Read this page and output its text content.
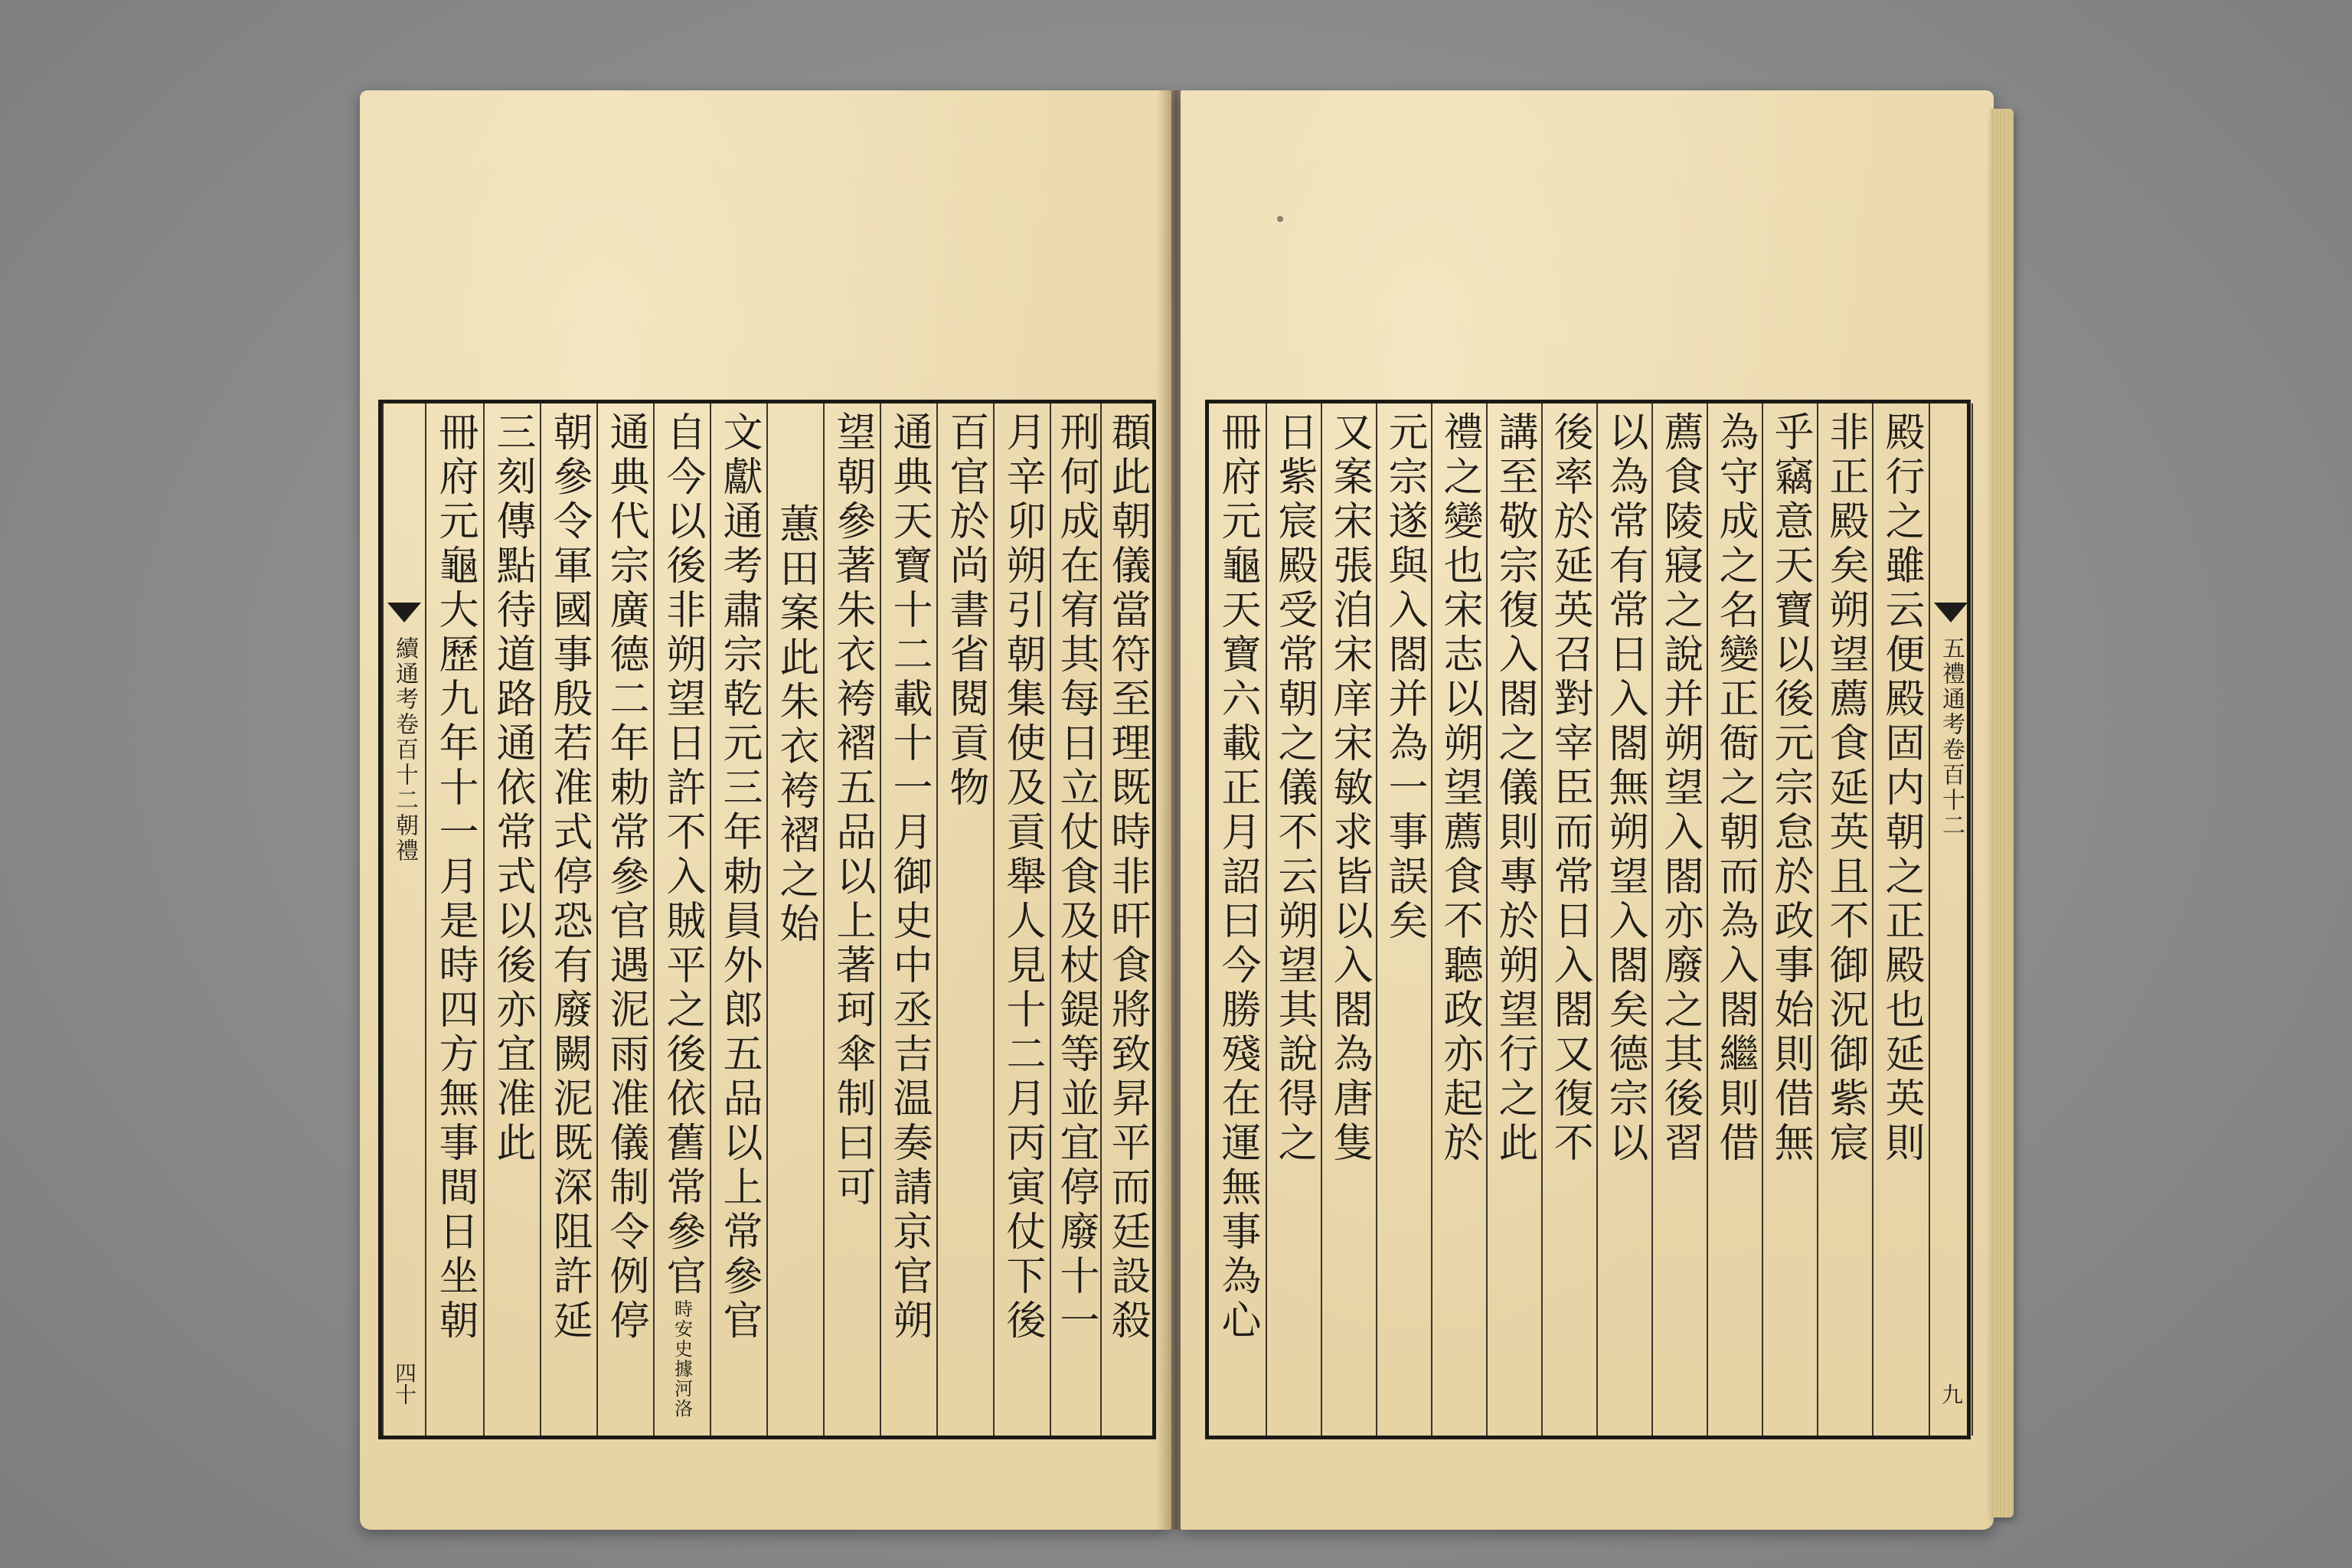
續通考卷百十二朝禮
四十
冊府元龜大歷九年十一月是時四方無事間日坐朝 三刻傳點待道路通依常式以後亦宜准此 朝參令軍國事殷若准式停恐有廢闕泥既深阻許延 通典代宗廣德二年勅常參官遇泥雨准儀制令例停 自今以後非朔望日許不入賊平之後依舊常參官
時安史據河洛
文獻通考肅宗乾元三年勅員外郎五品以上常參官 蕙田案此朱衣袴褶之始 望朝參著朱衣袴褶五品以上著珂傘制曰可 通典天寶十二載十一月御史中丞吉温奏請京官朔 百官於尚書省閱貢物 月辛卯朔引朝集使及貢舉人見十二月丙寅仗下後 刑何成在宥其每日立仗食及杖鍉等並宜停廢十一 頵此朝儀當符至理既時非旰食將致昇平而廷設殺 冊府元龜天寶六載正月詔曰今勝殘在運無事為心 日紫宸殿受常朝之儀不云朔望其說得之 又案宋張洎宋庠宋敏求皆以入閤為唐隻 元宗遂與入閤并為一事誤矣 禮之變也宋志以朔望薦食不聽政亦起於 講至敬宗復入閤之儀則專於朔望行之此 後率於延英召對宰臣而常日入閤又復不 以為常有常日入閤無朔望入閤矣德宗以 薦食陵寢之說并朔望入閤亦廢之其後習 為守成之名變正衙之朝而為入閤繼則借 乎竊意天寶以後元宗怠於政事始則借無 非正殿矣朔望薦食延英且不御況御紫宸 殿行之雖云便殿固内朝之正殿也延英則 五禮通考卷百十二
九
